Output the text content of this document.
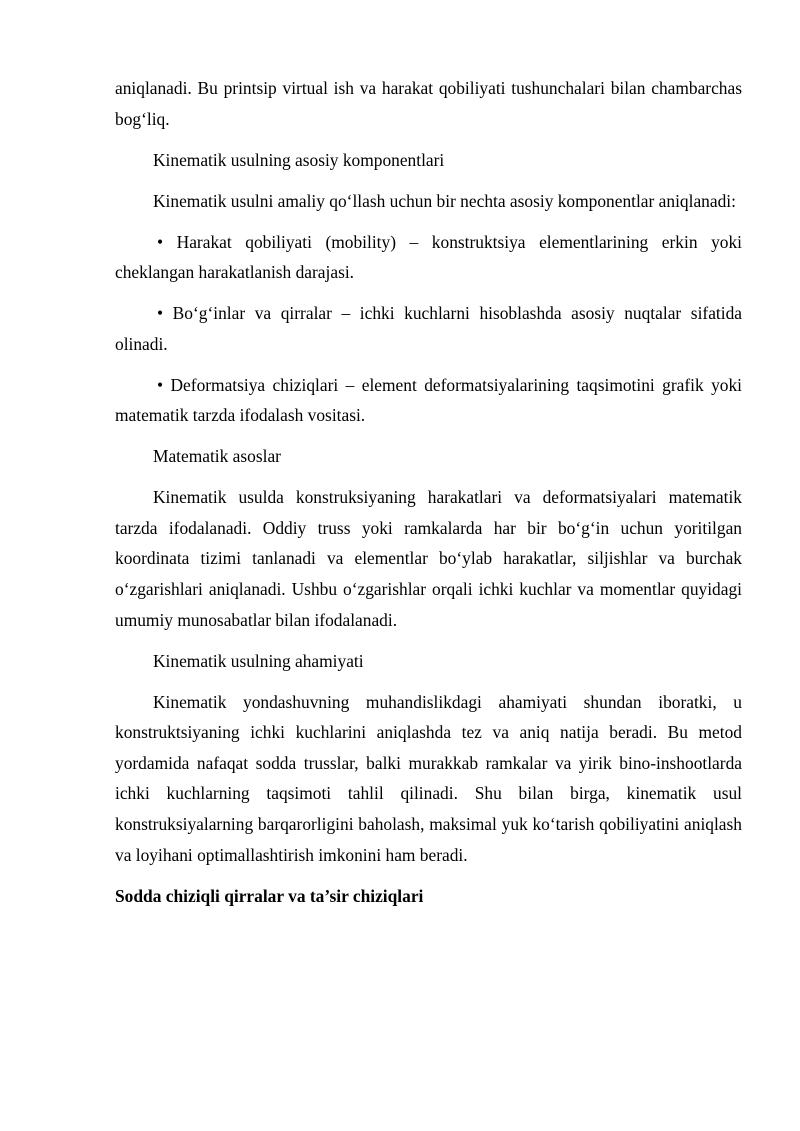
aniqlanadi. Bu printsip virtual ish va harakat qobiliyati tushunchalari bilan chambarchas bog‘liq.

Kinematik usulning asosiy komponentlari

Kinematik usulni amaliy qo‘llash uchun bir nechta asosiy komponentlar aniqlanadi:

• Harakat qobiliyati (mobility) – konstruktsiya elementlarining erkin yoki cheklangan harakatlanish darajasi.

• Bo‘g‘inlar va qirralar – ichki kuchlarni hisoblashda asosiy nuqtalar sifatida olinadi.

• Deformatsiya chiziqlari – element deformatsiyalarining taqsimotini grafik yoki matematik tarzda ifodalash vositasi.

Matematik asoslar

Kinematik usulda konstruksiyaning harakatlari va deformatsiyalari matematik tarzda ifodalanadi. Oddiy truss yoki ramkalarda har bir bo‘g‘in uchun yoritilgan koordinata tizimi tanlanadi va elementlar bo‘ylab harakatlar, siljishlar va burchak o‘zgarishlari aniqlanadi. Ushbu o‘zgarishlar orqali ichki kuchlar va momentlar quyidagi umumiy munosabatlar bilan ifodalanadi.

Kinematik usulning ahamiyati

Kinematik yondashuvning muhandislikdagi ahamiyati shundan iboratki, u konstruktsiyaning ichki kuchlarini aniqlashda tez va aniq natija beradi. Bu metod yordamida nafaqat sodda trusslar, balki murakkab ramkalar va yirik bino-inshootlarda ichki kuchlarning taqsimoti tahlil qilinadi. Shu bilan birga, kinematik usul konstruksiyalarning barqarorligini baholash, maksimal yuk ko‘tarish qobiliyatini aniqlash va loyihani optimallashtirish imkonini ham beradi.

Sodda chiziqli qirralar va ta’sir chiziqlari
